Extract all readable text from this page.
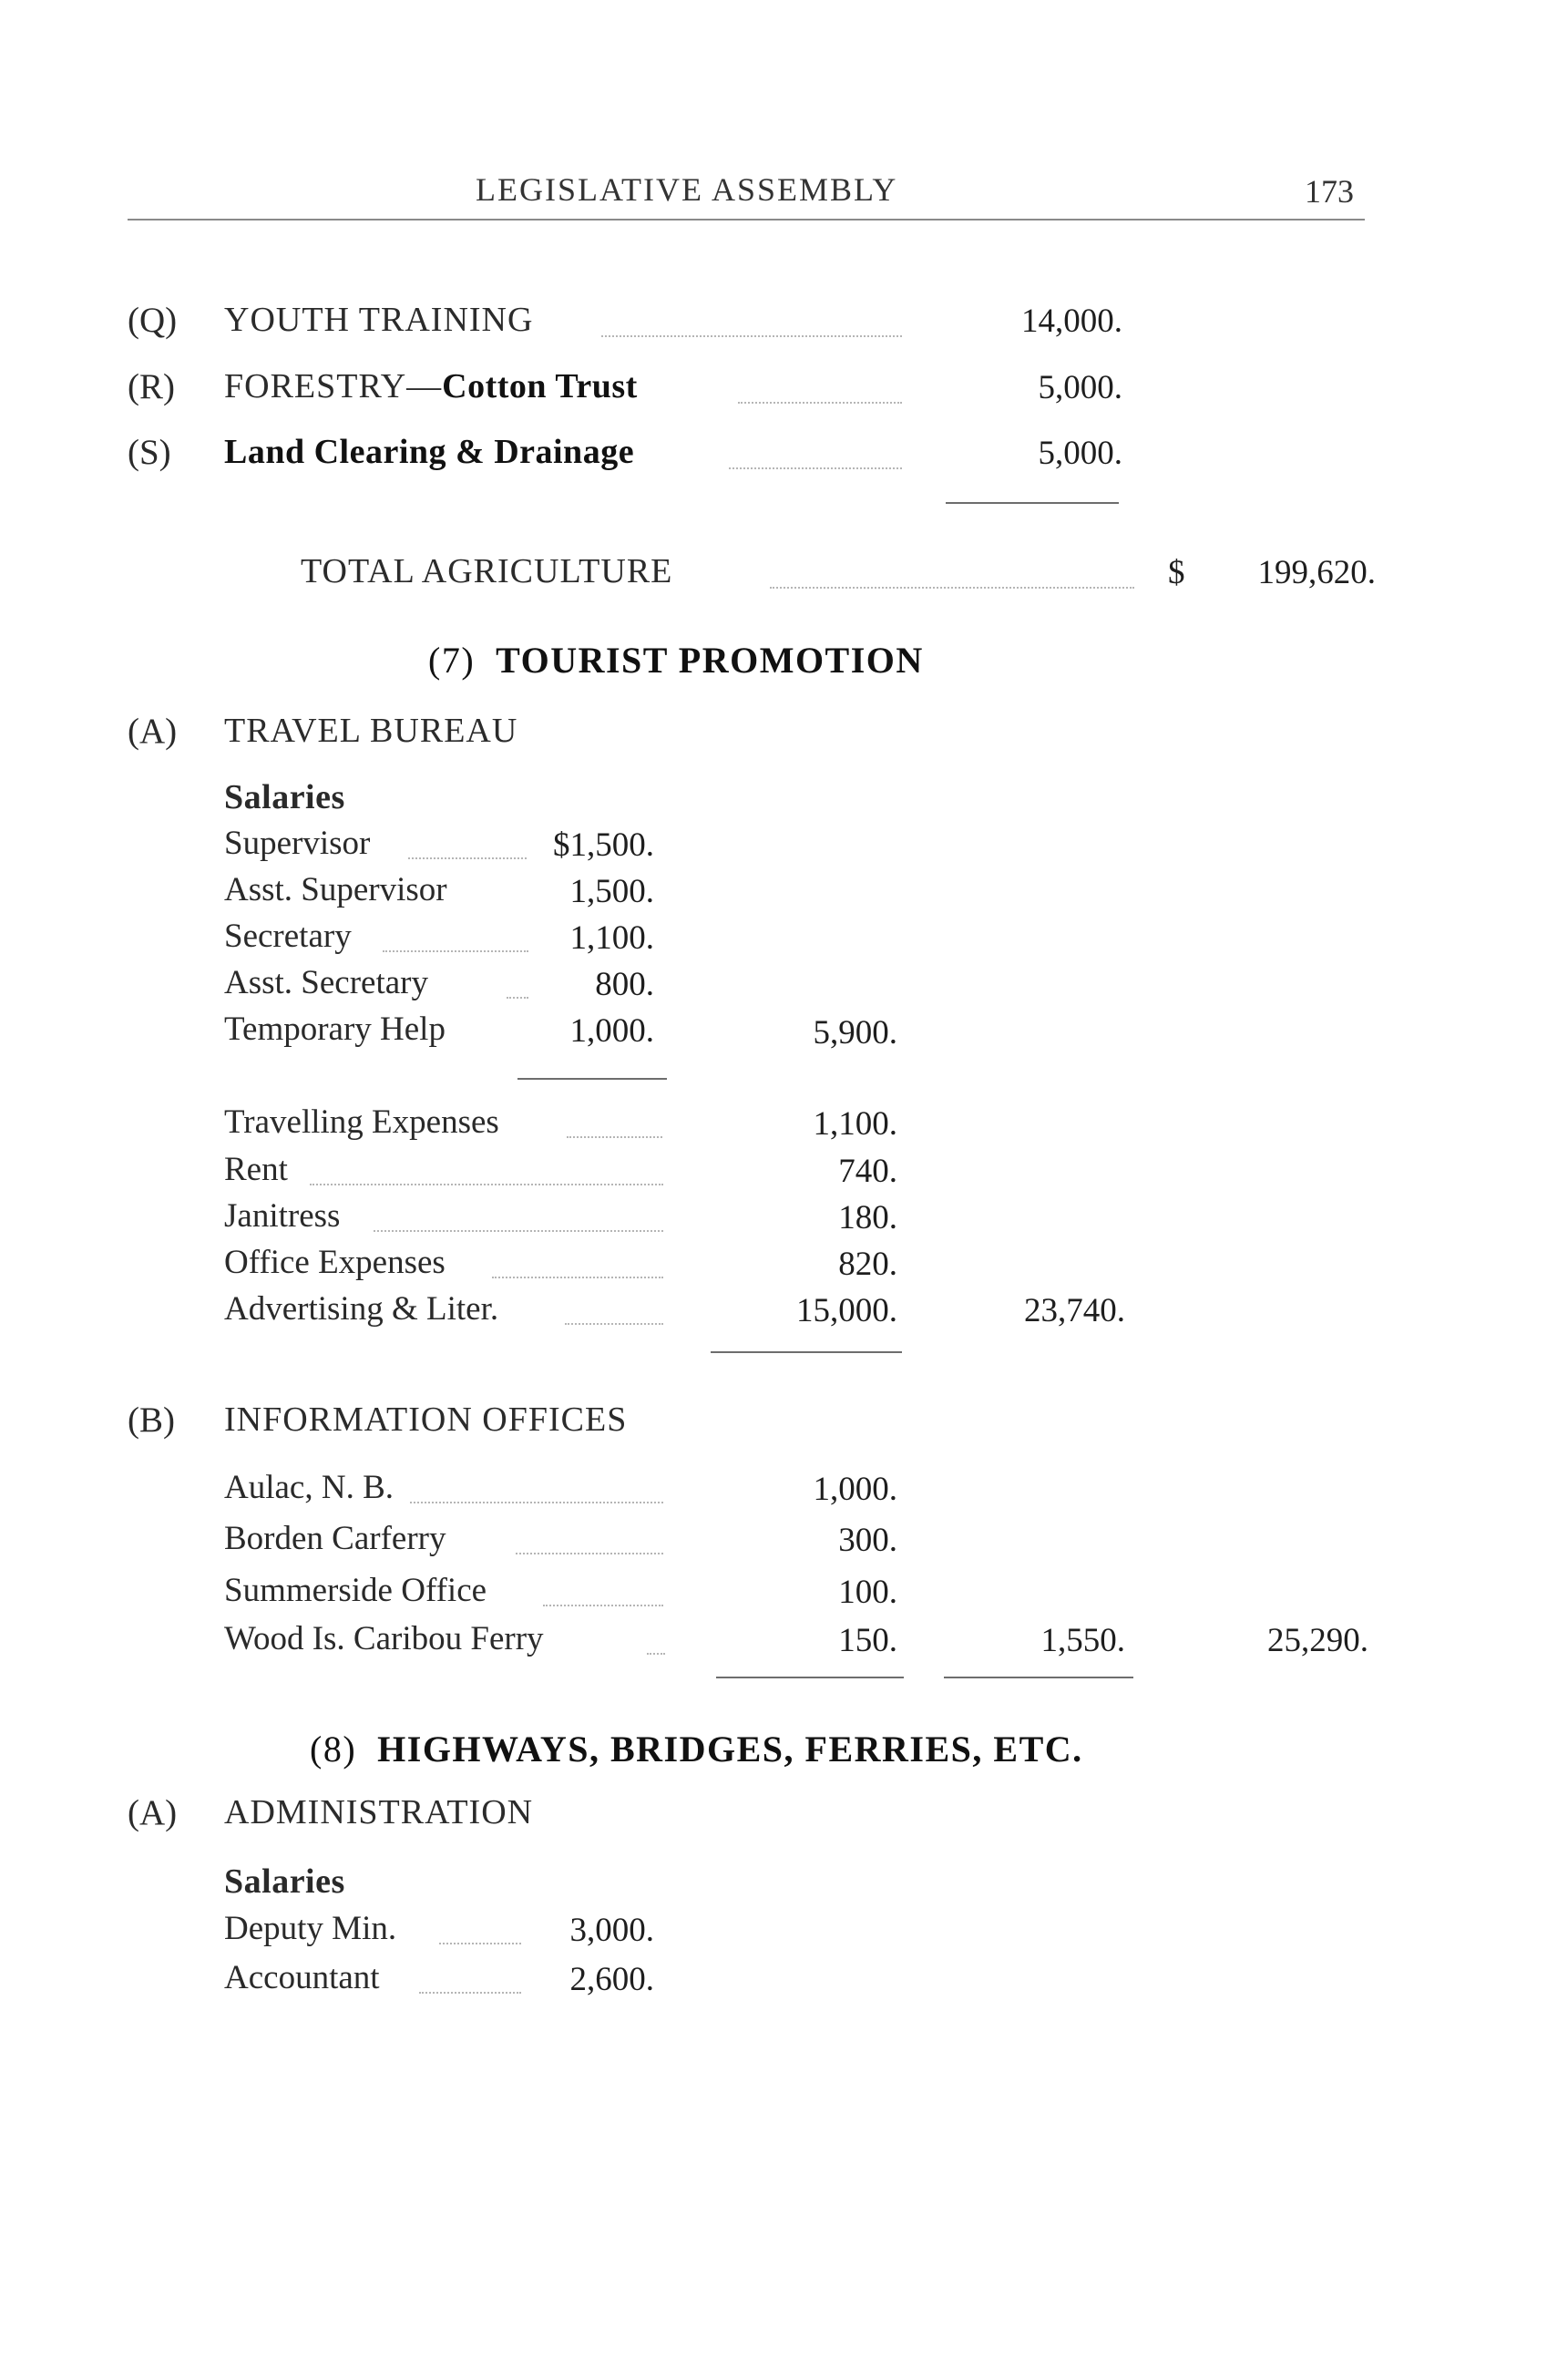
LEGISLATIVE ASSEMBLY	173
(Q) YOUTH TRAINING	14,000.
(R) FORESTRY—Cotton Trust	5,000.
(S) Land Clearing & Drainage	5,000.
TOTAL AGRICULTURE	$	199,620.
(7) TOURIST PROMOTION
(A) TRAVEL BUREAU
Salaries
Supervisor	$1,500.
Asst. Supervisor	1,500.
Secretary	1,100.
Asst. Secretary	800.
Temporary Help	1,000.	5,900.
Travelling Expenses	1,100.
Rent	740.
Janitress	180.
Office Expenses	820.
Advertising & Liter.	15,000.	23,740.
(B) INFORMATION OFFICES
Aulac, N. B.	1,000.
Borden Carferry	300.
Summerside Office	100.
Wood Is. Caribou Ferry	150.	1,550.	25,290.
(8) HIGHWAYS, BRIDGES, FERRIES, ETC.
(A) ADMINISTRATION
Salaries
Deputy Min.	3,000.
Accountant	2,600.
